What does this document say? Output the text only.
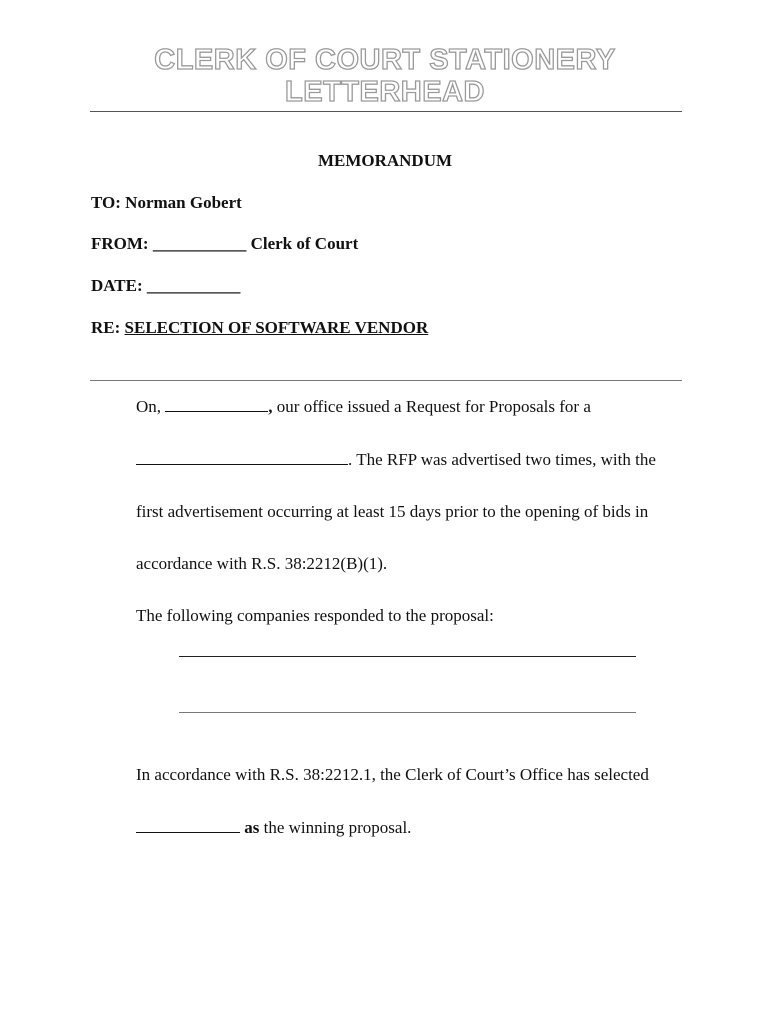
CLERK OF COURT STATIONERY
LETTERHEAD
MEMORANDUM
TO: Norman Gobert
FROM: ___________ Clerk of Court
DATE: ___________
RE: SELECTION OF SOFTWARE VENDOR
On,	, our office issued a Request for Proposals for a
. The RFP was advertised two times, with the
first advertisement occurring at least 15 days prior to the opening of bids in
accordance with R.S. 38:2212(B)(1).
The following companies responded to the proposal:
In accordance with R.S. 38:2212.1, the Clerk of Court’s Office has selected
as the winning proposal.
